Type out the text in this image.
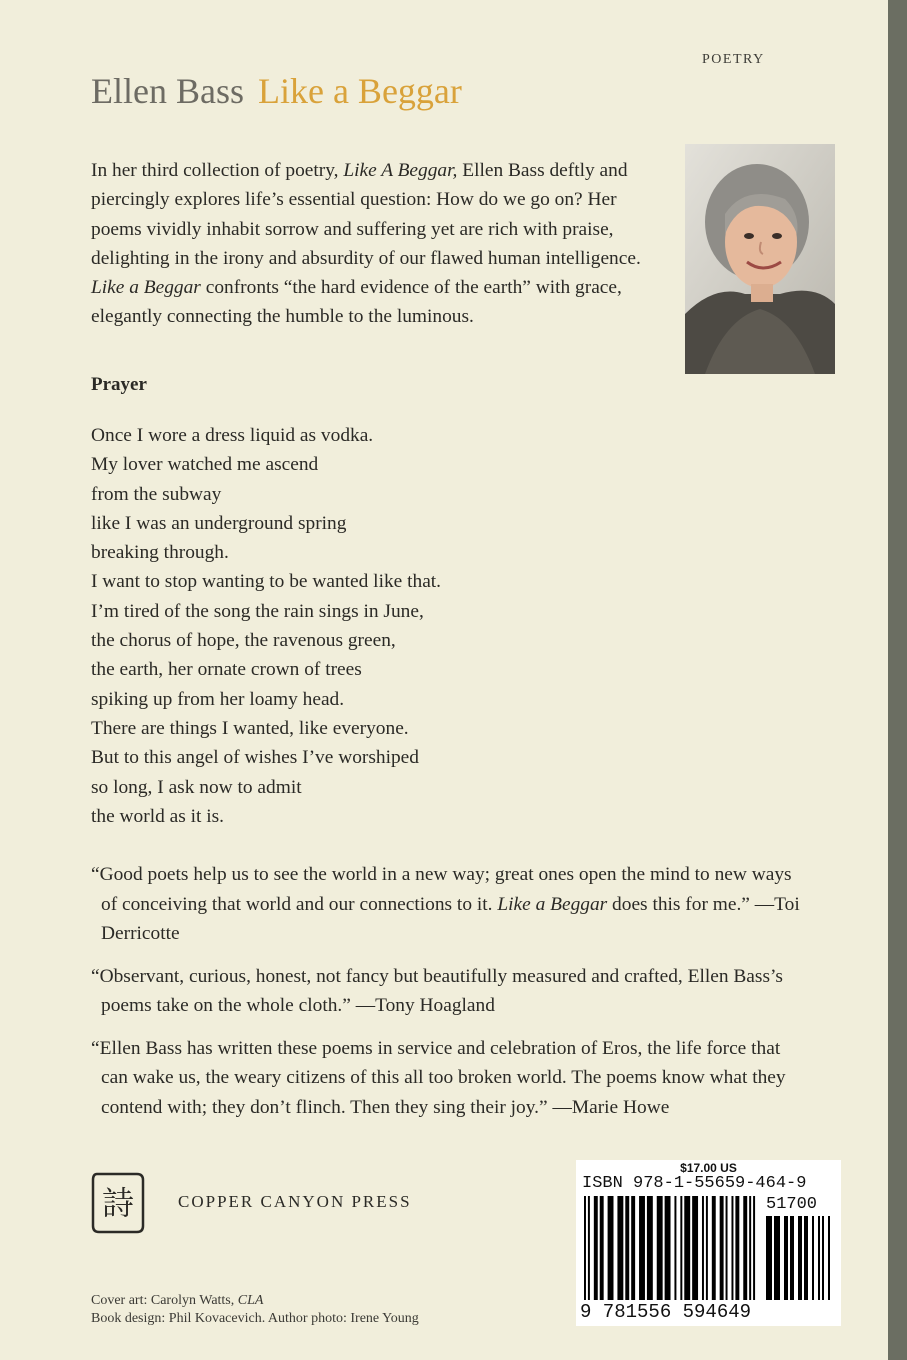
POETRY
Ellen Bass Like a Beggar
In her third collection of poetry, Like A Beggar, Ellen Bass deftly and piercingly explores life’s essential question: How do we go on? Her poems vividly inhabit sorrow and suffering yet are rich with praise, delighting in the irony and absurdity of our flawed human intelligence. Like a Beggar confronts “the hard evidence of the earth” with grace, elegantly connecting the humble to the luminous.
Prayer
Once I wore a dress liquid as vodka.
My lover watched me ascend
from the subway
like I was an underground spring
breaking through.
I want to stop wanting to be wanted like that.
I’m tired of the song the rain sings in June,
the chorus of hope, the ravenous green,
the earth, her ornate crown of trees
spiking up from her loamy head.
There are things I wanted, like everyone.
But to this angel of wishes I’ve worshiped
so long, I ask now to admit
the world as it is.
“Good poets help us to see the world in a new way; great ones open the mind to new ways of conceiving that world and our connections to it. Like a Beggar does this for me.” —Toi Derricotte
“Observant, curious, honest, not fancy but beautifully measured and crafted, Ellen Bass’s poems take on the whole cloth.” —Tony Hoagland
“Ellen Bass has written these poems in service and celebration of Eros, the life force that can wake us, the weary citizens of this all too broken world. The poems know what they contend with; they don’t flinch. Then they sing their joy.” —Marie Howe
詩	COPPER CANYON PRESS
Cover art: Carolyn Watts, CLA
Book design: Phil Kovacevich. Author photo: Irene Young
$17.00 US
ISBN 978-1-55659-464-9
51700
9 781556 594649
